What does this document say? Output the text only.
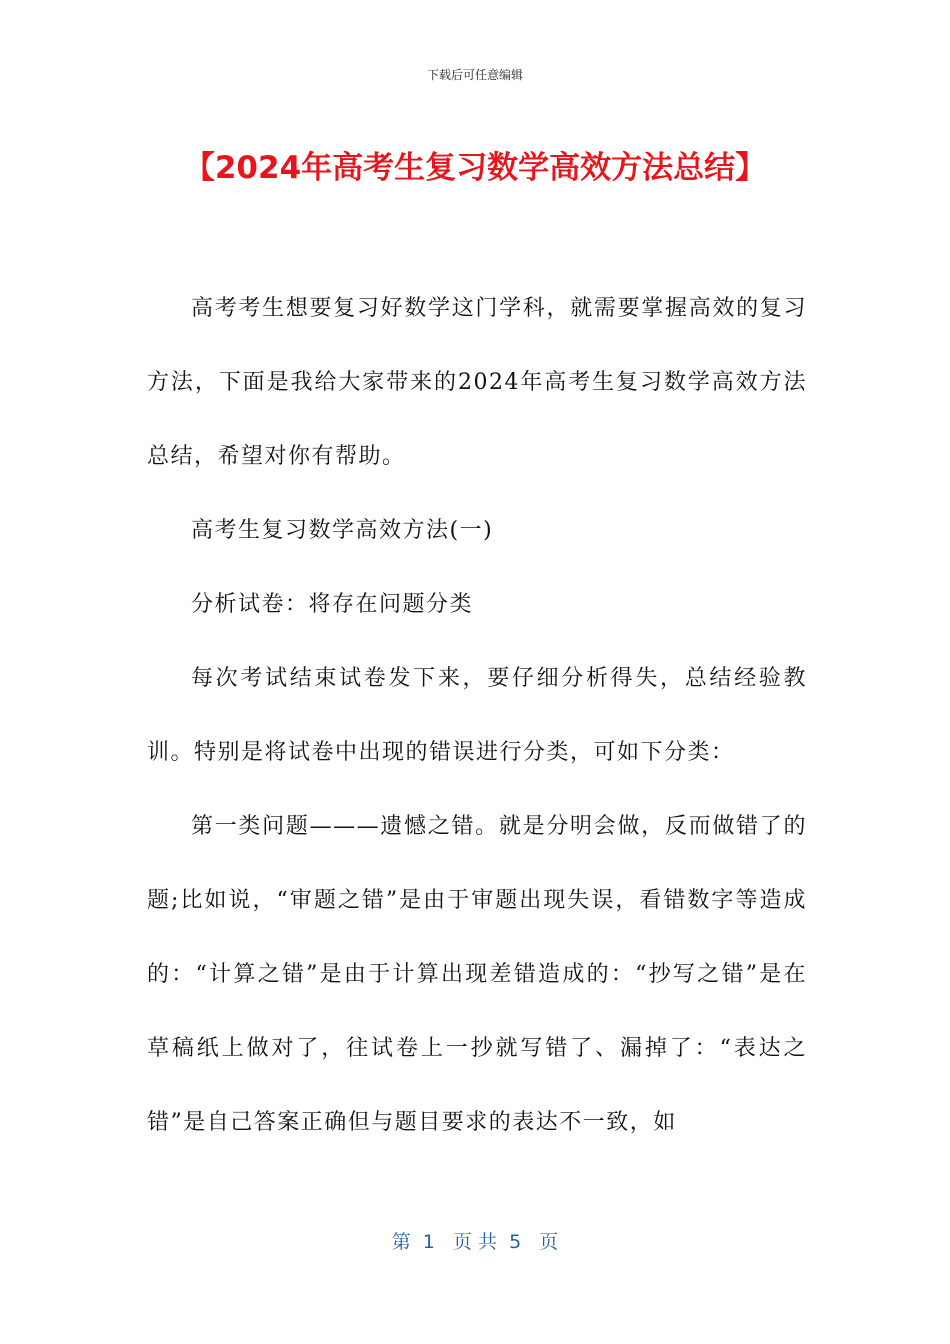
下载后可任意编辑
【2024年高考生复习数学高效方法总结】

高考考生想要复习好数学这门学科，就需要掌握高效的复习方法，下面是我给大家带来的2024年高考生复习数学高效方法总结，希望对你有帮助。

高考生复习数学高效方法(一)

分析试卷：将存在问题分类

每次考试结束试卷发下来，要仔细分析得失，总结经验教训。特别是将试卷中出现的错误进行分类，可如下分类：

第一类问题———遗憾之错。就是分明会做，反而做错了的题;比如说，“审题之错”是由于审题出现失误，看错数字等造成的：“计算之错”是由于计算出现差错造成的：“抄写之错”是在草稿纸上做对了，往试卷上一抄就写错了、漏掉了：“表达之错”是自己答案正确但与题目要求的表达不一致，如

第  1   页 共  5   页
